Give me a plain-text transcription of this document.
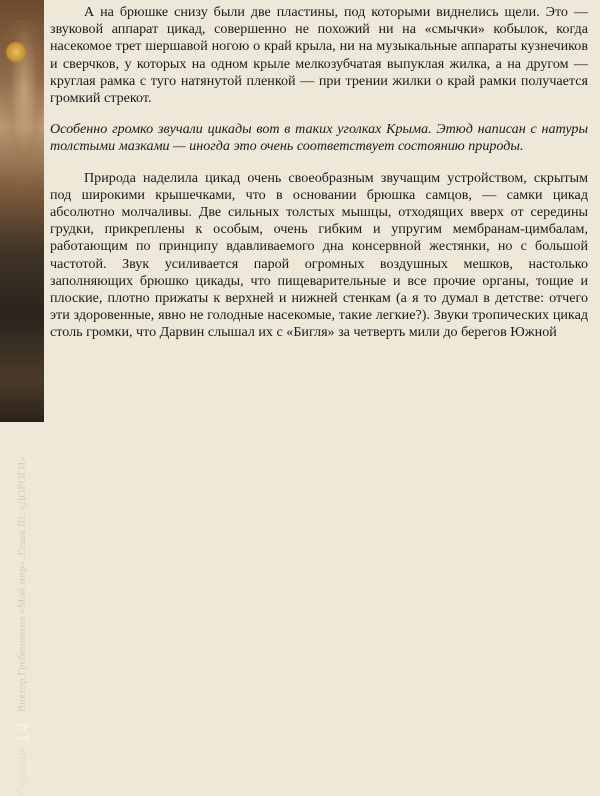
Страница
14
Виктор Гребенников «Мой мир». Глава III. «ДОРОГИ»

А на брюшке снизу были две пластины, под которыми виднелись щели. Это — звуковой аппарат цикад, совершенно не похожий ни на «смычки» кобылок, когда насекомое трет шершавой ногою о край крыла, ни на музыкальные аппараты кузнечиков и сверчков, у которых на одном крыле мелкозубчатая выпуклая жилка, а на другом — круглая рамка с туго натянутой пленкой — при трении жилки о край рамки получается громкий стрекот.

Особенно громко звучали цикады вот в таких уголках Крыма. Этюд написан с натуры толстыми мазками — иногда это очень соответствует состоянию природы.

Природа наделила цикад очень своеобразным звучащим устройством, скрытым под широкими крышечками, что в основании брюшка самцов, — самки цикад абсолютно молчаливы. Две сильных толстых мышцы, отходящих вверх от середины грудки, прикреплены к особым, очень гибким и упругим мембранам-цимбалам, работающим по принципу вдавливаемого дна консервной жестянки, но с большой частотой. Звук усиливается парой огромных воздушных мешков, настолько заполняющих брюшко цикады, что пищеварительные и все прочие органы, тощие и плоские, плотно прижаты к верхней и нижней стенкам (а я то думал в детстве: отчего эти здоровенные, явно не голодные насекомые, такие легкие?). Звуки тропических цикад столь громки, что Дарвин слышал их с «Бигля» за четверть мили до берегов Южной
